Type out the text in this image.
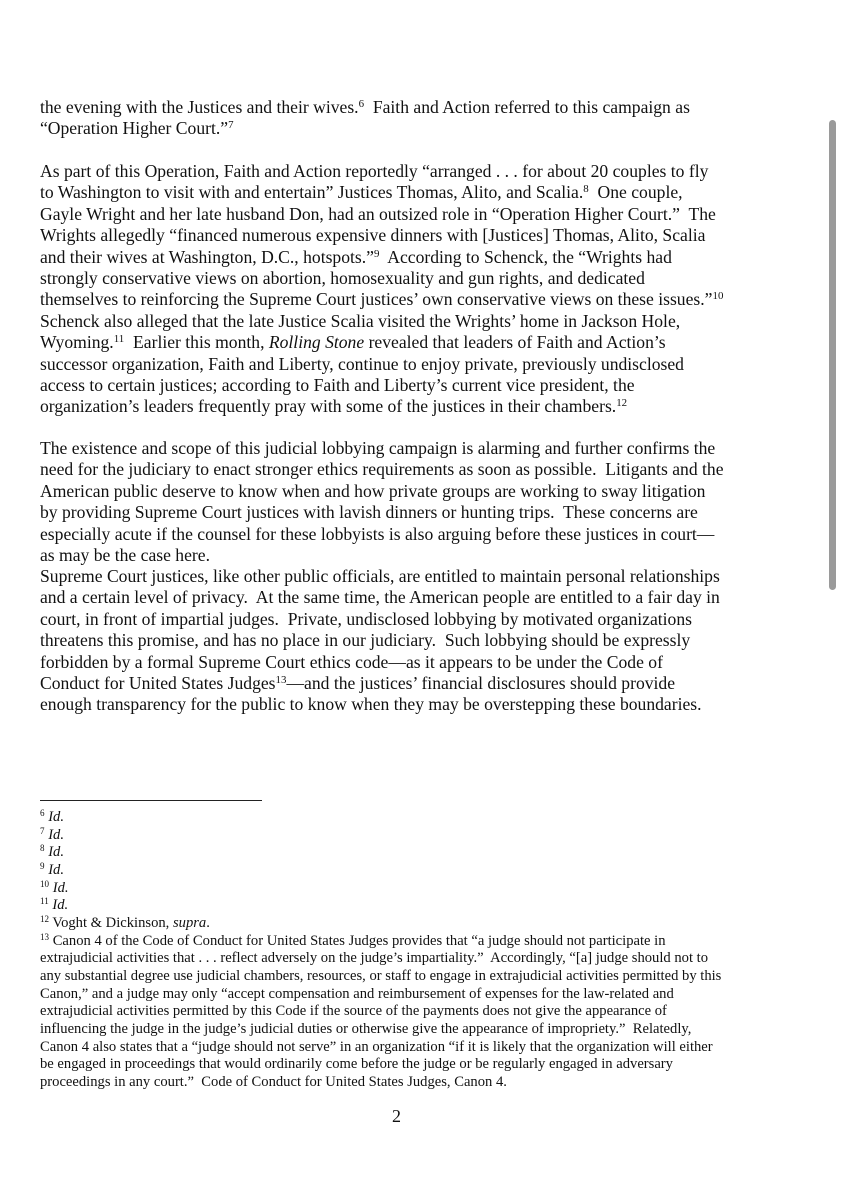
the evening with the Justices and their wives.$^6$  Faith and Action referred to this campaign as
“Operation Higher Court.”$^7$
As part of this Operation, Faith and Action reportedly “arranged . . . for about 20 couples to fly
to Washington to visit with and entertain” Justices Thomas, Alito, and Scalia.$^8$  One couple,
Gayle Wright and her late husband Don, had an outsized role in “Operation Higher Court.”  The
Wrights allegedly “financed numerous expensive dinners with [Justices] Thomas, Alito, Scalia
and their wives at Washington, D.C., hotspots.”$^9$  According to Schenck, the “Wrights had
strongly conservative views on abortion, homosexuality and gun rights, and dedicated
themselves to reinforcing the Supreme Court justices’ own conservative views on these issues.”$^{10}$
Schenck also alleged that the late Justice Scalia visited the Wrights’ home in Jackson Hole,
Wyoming.$^{11}$  Earlier this month, Rolling Stone revealed that leaders of Faith and Action’s
successor organization, Faith and Liberty, continue to enjoy private, previously undisclosed
access to certain justices; according to Faith and Liberty’s current vice president, the
organization’s leaders frequently pray with some of the justices in their chambers.$^{12}$
The existence and scope of this judicial lobbying campaign is alarming and further confirms the
need for the judiciary to enact stronger ethics requirements as soon as possible.  Litigants and the
American public deserve to know when and how private groups are working to sway litigation
by providing Supreme Court justices with lavish dinners or hunting trips.  These concerns are
especially acute if the counsel for these lobbyists is also arguing before these justices in court—
as may be the case here.
Supreme Court justices, like other public officials, are entitled to maintain personal relationships
and a certain level of privacy.  At the same time, the American people are entitled to a fair day in
court, in front of impartial judges.  Private, undisclosed lobbying by motivated organizations
threatens this promise, and has no place in our judiciary.  Such lobbying should be expressly
forbidden by a formal Supreme Court ethics code—as it appears to be under the Code of
Conduct for United States Judges$^{13}$—and the justices’ financial disclosures should provide
enough transparency for the public to know when they may be overstepping these boundaries.
$^6$ Id.
$^7$ Id.
$^8$ Id.
$^9$ Id.
$^{10}$ Id.
$^{11}$ Id.
$^{12}$ Voght & Dickinson, supra.
$^{13}$ Canon 4 of the Code of Conduct for United States Judges provides that “a judge should not participate in
extrajudicial activities that . . . reflect adversely on the judge’s impartiality.”  Accordingly, “[a] judge should not to
any substantial degree use judicial chambers, resources, or staff to engage in extrajudicial activities permitted by this
Canon,” and a judge may only “accept compensation and reimbursement of expenses for the law-related and
extrajudicial activities permitted by this Code if the source of the payments does not give the appearance of
influencing the judge in the judge’s judicial duties or otherwise give the appearance of impropriety.”  Relatedly,
Canon 4 also states that a “judge should not serve” in an organization “if it is likely that the organization will either
be engaged in proceedings that would ordinarily come before the judge or be regularly engaged in adversary
proceedings in any court.”  Code of Conduct for United States Judges, Canon 4.
2
